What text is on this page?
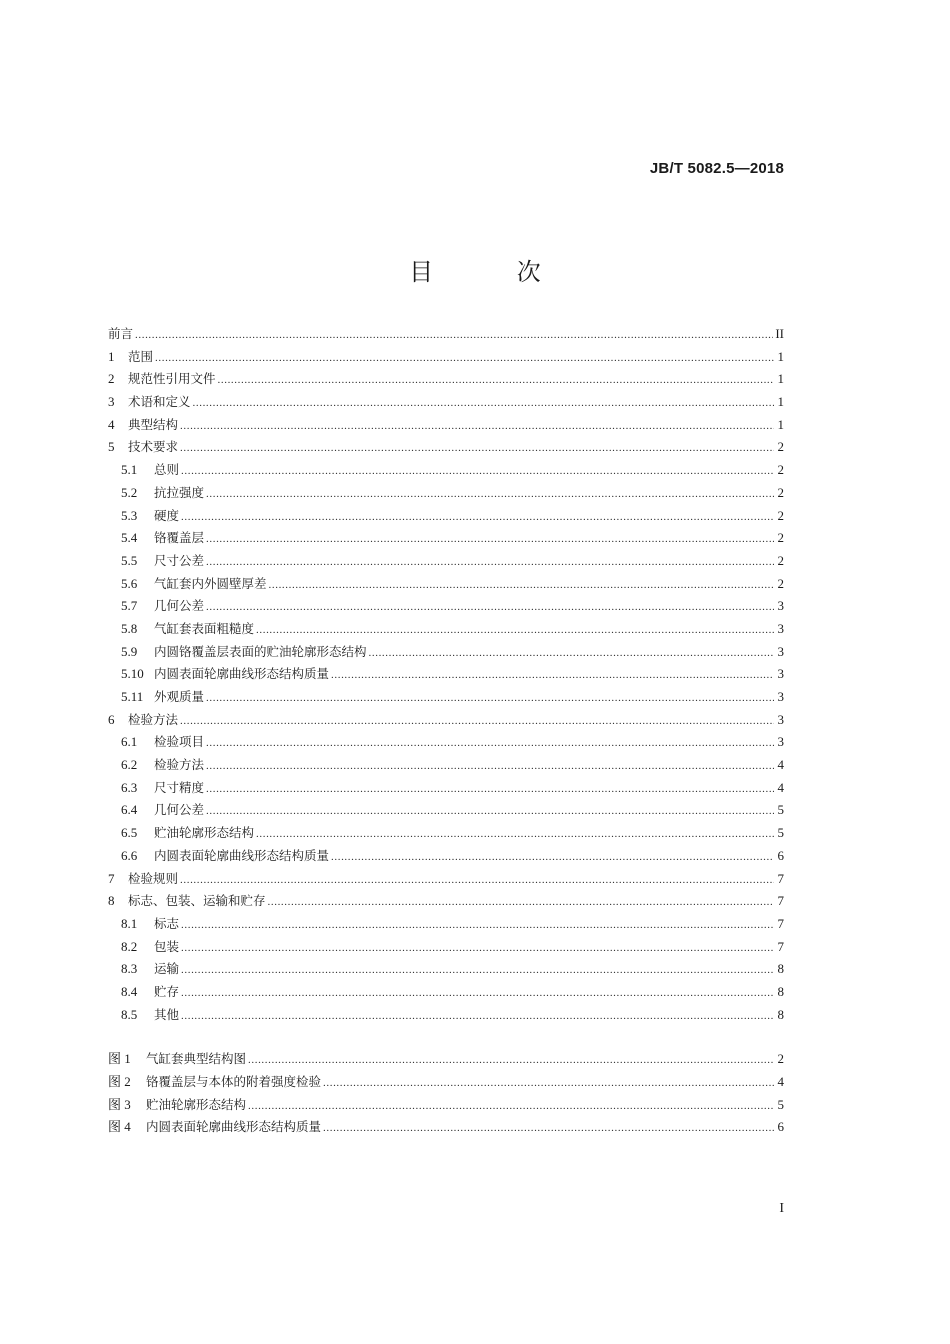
JB/T 5082.5—2018
目 次
前言 .....	II
1	范围 .....	1
2	规范性引用文件 .....	1
3	术语和定义 .....	1
4	典型结构 .....	1
5	技术要求 .....	2
5.1	总则 .....	2
5.2	抗拉强度 .....	2
5.3	硬度 .....	2
5.4	铬覆盖层 .....	2
5.5	尺寸公差 .....	2
5.6	气缸套内外圆壁厚差 .....	2
5.7	几何公差 .....	3
5.8	气缸套表面粗糙度 .....	3
5.9	内圆铬覆盖层表面的贮油轮廓形态结构 .....	3
5.10 内圆表面轮廓曲线形态结构质量 .....	3
5.11 外观质量 .....	3
6	检验方法 .....	3
6.1	检验项目 .....	3
6.2	检验方法 .....	4
6.3	尺寸精度 .....	4
6.4	几何公差 .....	5
6.5	贮油轮廓形态结构 .....	5
6.6	内圆表面轮廓曲线形态结构质量 .....	6
7	检验规则 .....	7
8	标志、包装、运输和贮存 .....	7
8.1	标志 .....	7
8.2	包装 .....	7
8.3	运输 .....	8
8.4	贮存 .....	8
8.5	其他 .....	8
图 1	气缸套典型结构图 .....	2
图 2	铬覆盖层与本体的附着强度检验 .....	4
图 3	贮油轮廓形态结构 .....	5
图 4	内圆表面轮廓曲线形态结构质量 .....	6
I
